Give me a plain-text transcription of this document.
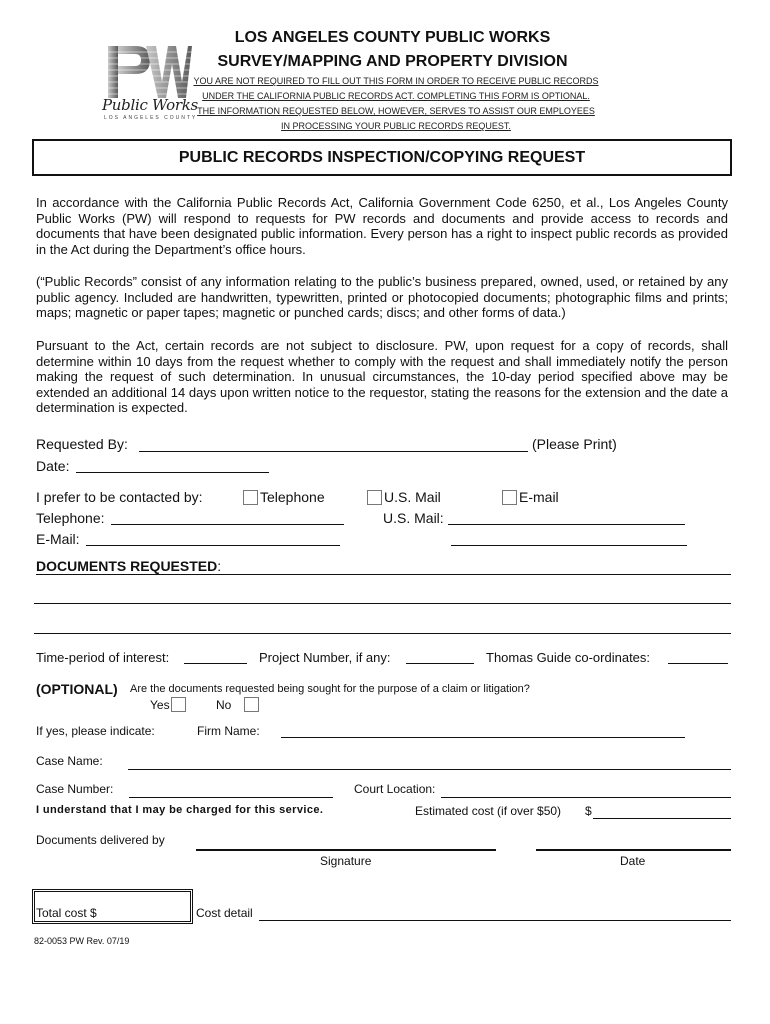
Public Works
LOS ANGELES COUNTY
LOS ANGELES COUNTY PUBLIC WORKS
SURVEY/MAPPING AND PROPERTY DIVISION
YOU ARE NOT REQUIRED TO FILL OUT THIS FORM IN ORDER TO RECEIVE PUBLIC RECORDS
UNDER THE CALIFORNIA PUBLIC RECORDS ACT. COMPLETING THIS FORM IS OPTIONAL.
THE INFORMATION REQUESTED BELOW, HOWEVER, SERVES TO ASSIST OUR EMPLOYEES
IN PROCESSING YOUR PUBLIC RECORDS REQUEST.
PUBLIC RECORDS INSPECTION/COPYING REQUEST

In accordance with the California Public Records Act, California Government Code 6250, et al., Los Angeles County Public Works (PW) will respond to requests for PW records and documents and provide access to records and documents that have been designated public information. Every person has a right to inspect public records as provided in the Act during the Department’s office hours.

(“Public Records” consist of any information relating to the public’s business prepared, owned, used, or retained by any public agency. Included are handwritten, typewritten, printed or photocopied documents; photographic films and prints; maps; magnetic or paper tapes; magnetic or punched cards; discs; and other forms of data.)

Pursuant to the Act, certain records are not subject to disclosure. PW, upon request for a copy of records, shall determine within 10 days from the request whether to comply with the request and shall immediately notify the person making the request of such determination. In unusual circumstances, the 10-day period specified above may be extended an additional 14 days upon written notice to the requestor, stating the reasons for the extension and the date a determination is expected.

Requested By:	(Please Print)
Date:
I prefer to be contacted by:	Telephone	U.S. Mail	E-mail
Telephone:	U.S. Mail:
E-Mail:
DOCUMENTS REQUESTED:
Time-period of interest:	Project Number, if any:	Thomas Guide co-ordinates:
(OPTIONAL) Are the documents requested being sought for the purpose of a claim or litigation?
Yes	No
If yes, please indicate:	Firm Name:
Case Name:
Case Number:	Court Location:
I understand that I may be charged for this service.	Estimated cost (if over $50) $
Documents delivered by
Signature	Date
Total cost $	Cost detail
82-0053 PW Rev. 07/19
